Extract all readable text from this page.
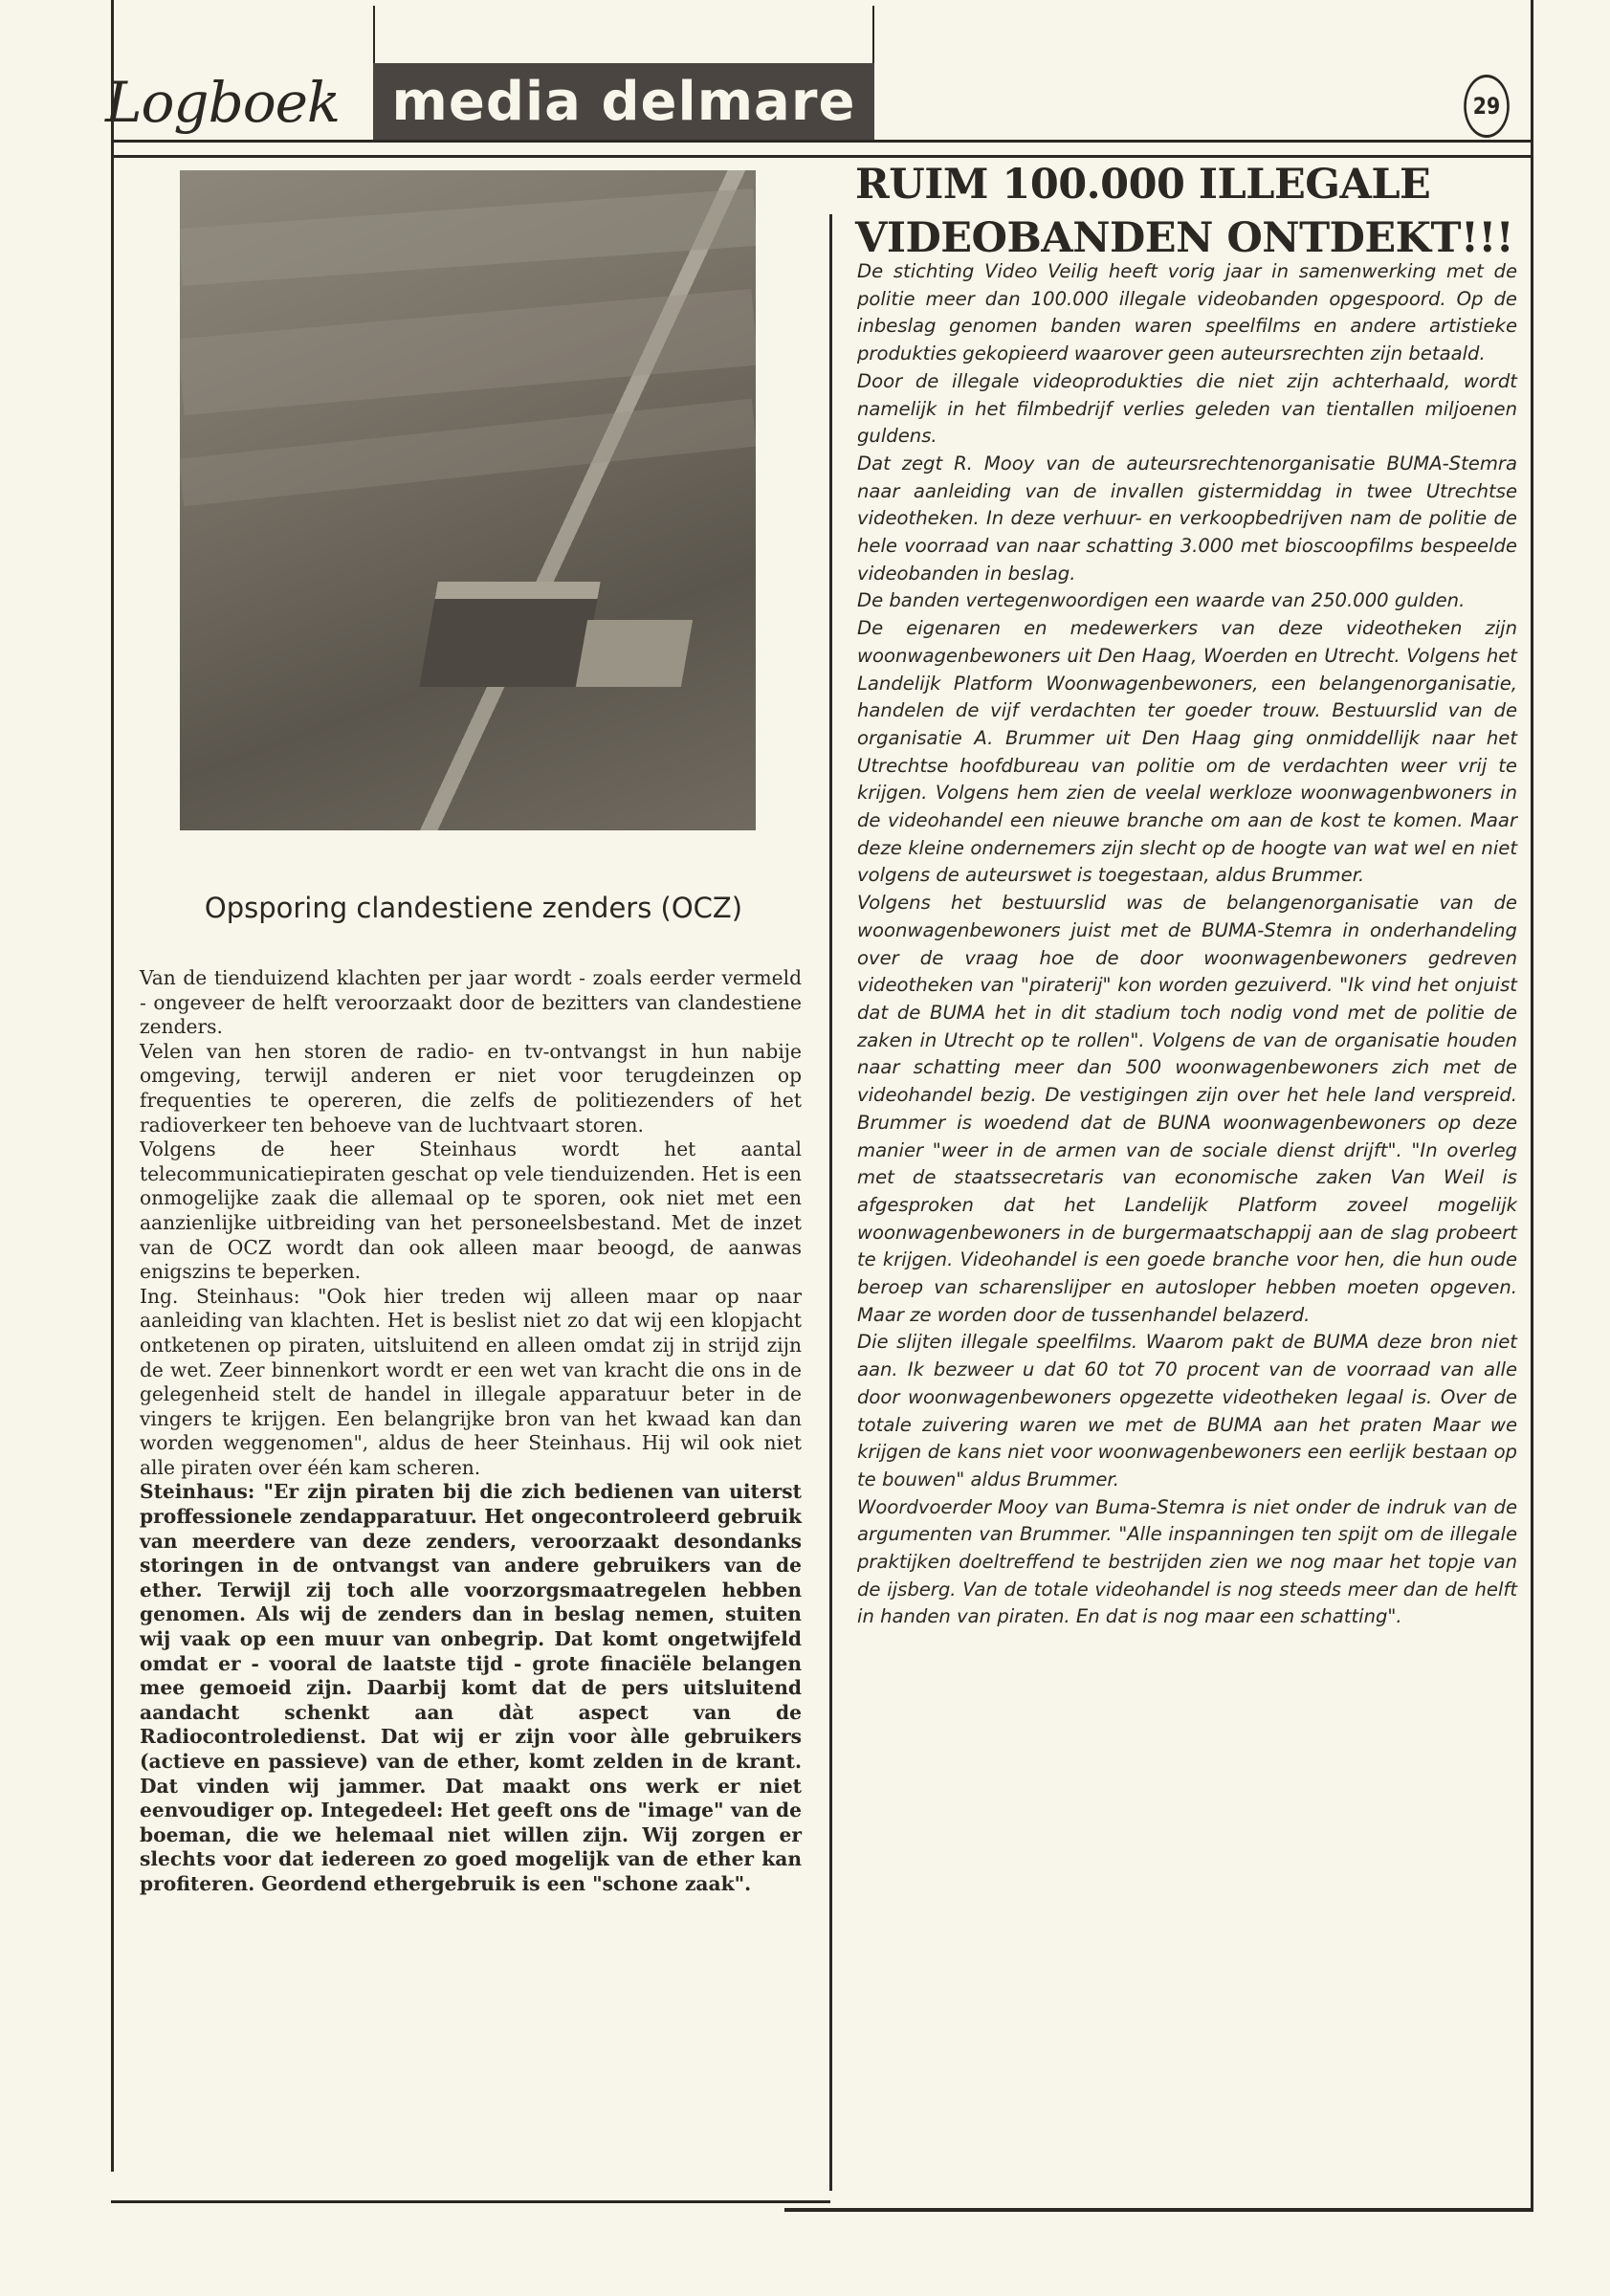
Logboek media delmare	29
Opsporing clandestiene zenders (OCZ)

Van de tienduizend klachten per jaar wordt - zoals eerder vermeld - ongeveer de helft veroorzaakt door de bezitters van clandestiene zenders.

Velen van hen storen de radio- en tv-ontvangst in hun nabije omgeving, terwijl anderen er niet voor terugdeinzen op frequenties te opereren, die zelfs de politiezenders of het radioverkeer ten behoeve van de luchtvaart storen.

Volgens de heer Steinhaus wordt het aantal telecommunicatiepiraten geschat op vele tienduizenden. Het is een onmogelijke zaak die allemaal op te sporen, ook niet met een aanzienlijke uitbreiding van het personeelsbestand. Met de inzet van de OCZ wordt dan ook alleen maar beoogd, de aanwas enigszins te beperken.

Ing. Steinhaus: "Ook hier treden wij alleen maar op naar aanleiding van klachten. Het is beslist niet zo dat wij een klopjacht ontketenen op piraten, uitsluitend en alleen omdat zij in strijd zijn de wet. Zeer binnenkort wordt er een wet van kracht die ons in de gelegenheid stelt de handel in illegale apparatuur beter in de vingers te krijgen. Een belangrijke bron van het kwaad kan dan worden weggenomen", aldus de heer Steinhaus. Hij wil ook niet alle piraten over één kam scheren.

Steinhaus: "Er zijn piraten bij die zich bedienen van uiterst proffessionele zendapparatuur. Het ongecontroleerd gebruik van meerdere van deze zenders, veroorzaakt desondanks storingen in de ontvangst van andere gebruikers van de ether. Terwijl zij toch alle voorzorgsmaatregelen hebben genomen. Als wij de zenders dan in beslag nemen, stuiten wij vaak op een muur van onbegrip. Dat komt ongetwijfeld omdat er - vooral de laatste tijd - grote finaciële belangen mee gemoeid zijn. Daarbij komt dat de pers uitsluitend aandacht schenkt aan dàt aspect van de Radiocontroledienst. Dat wij er zijn voor àlle gebruikers (actieve en passieve) van de ether, komt zelden in de krant. Dat vinden wij jammer. Dat maakt ons werk er niet eenvoudiger op. Integedeel: Het geeft ons de "image" van de boeman, die we helemaal niet willen zijn. Wij zorgen er slechts voor dat iedereen zo goed mogelijk van de ether kan profiteren. Geordend ethergebruik is een "schone zaak".

RUIM 100.000 ILLEGALE
VIDEOBANDEN ONTDEKT!!!

De stichting Video Veilig heeft vorig jaar in samenwerking met de politie meer dan 100.000 illegale videobanden opgespoord. Op de inbeslag genomen banden waren speelfilms en andere artistieke produkties gekopieerd waarover geen auteursrechten zijn betaald.

Door de illegale videoprodukties die niet zijn achterhaald, wordt namelijk in het filmbedrijf verlies geleden van tientallen miljoenen guldens.

Dat zegt R. Mooy van de auteursrechtenorganisatie BUMA-Stemra naar aanleiding van de invallen gistermiddag in twee Utrechtse videotheken. In deze verhuur- en verkoopbedrijven nam de politie de hele voorraad van naar schatting 3.000 met bioscoopfilms bespeelde videobanden in beslag.

De banden vertegenwoordigen een waarde van 250.000 gulden.

De eigenaren en medewerkers van deze videotheken zijn woonwagenbewoners uit Den Haag, Woerden en Utrecht. Volgens het Landelijk Platform Woonwagenbewoners, een belangenorganisatie, handelen de vijf verdachten ter goeder trouw. Bestuurslid van de organisatie A. Brummer uit Den Haag ging onmiddellijk naar het Utrechtse hoofdbureau van politie om de verdachten weer vrij te krijgen. Volgens hem zien de veelal werkloze woonwagenbwoners in de videohandel een nieuwe branche om aan de kost te komen. Maar deze kleine ondernemers zijn slecht op de hoogte van wat wel en niet volgens de auteurswet is toegestaan, aldus Brummer.

Volgens het bestuurslid was de belangenorganisatie van de woonwagenbewoners juist met de BUMA-Stemra in onderhandeling over de vraag hoe de door woonwagenbewoners gedreven videotheken van "piraterij" kon worden gezuiverd. "Ik vind het onjuist dat de BUMA het in dit stadium toch nodig vond met de politie de zaken in Utrecht op te rollen". Volgens de van de organisatie houden naar schatting meer dan 500 woonwagenbewoners zich met de videohandel bezig. De vestigingen zijn over het hele land verspreid. Brummer is woedend dat de BUNA woonwagenbewoners op deze manier "weer in de armen van de sociale dienst drijft". "In overleg met de staatssecretaris van economische zaken Van Weil is afgesproken dat het Landelijk Platform zoveel mogelijk woonwagenbewoners in de burgermaatschappij aan de slag probeert te krijgen. Videohandel is een goede branche voor hen, die hun oude beroep van scharenslijper en autosloper hebben moeten opgeven. Maar ze worden door de tussenhandel belazerd.

Die slijten illegale speelfilms. Waarom pakt de BUMA deze bron niet aan. Ik bezweer u dat 60 tot 70 procent van de voorraad van alle door woonwagenbewoners opgezette videotheken legaal is. Over de totale zuivering waren we met de BUMA aan het praten Maar we krijgen de kans niet voor woonwagenbewoners een eerlijk bestaan op te bouwen" aldus Brummer.

Woordvoerder Mooy van Buma-Stemra is niet onder de indruk van de argumenten van Brummer. "Alle inspanningen ten spijt om de illegale praktijken doeltreffend te bestrijden zien we nog maar het topje van de ijsberg. Van de totale videohandel is nog steeds meer dan de helft in handen van piraten. En dat is nog maar een schatting".
